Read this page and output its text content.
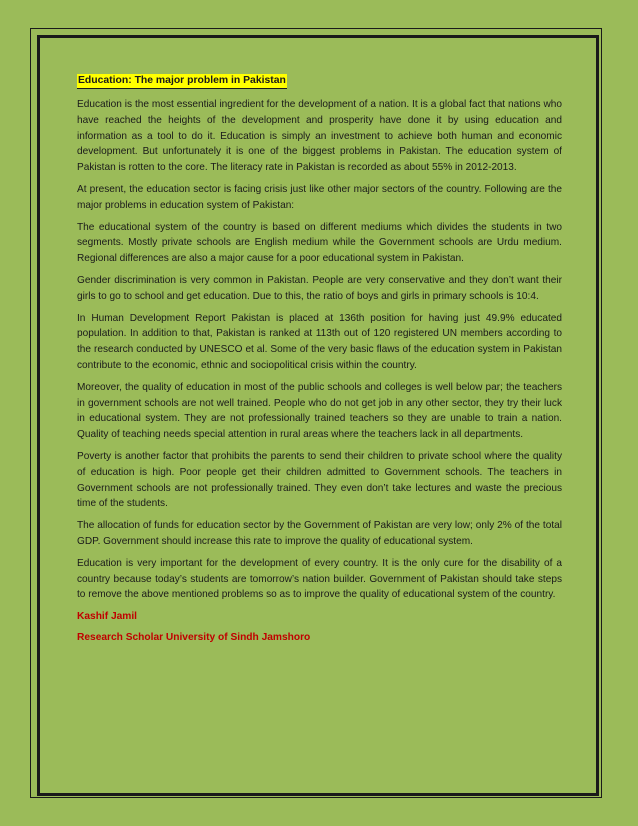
Education: The major problem in Pakistan

Education is the most essential ingredient for the development of a nation. It is a global fact that nations who have reached the heights of the development and prosperity have done it by using education and information as a tool to do it. Education is simply an investment to achieve both human and economic development. But unfortunately it is one of the biggest problems in Pakistan. The education system of Pakistan is rotten to the core. The literacy rate in Pakistan is recorded as about 55% in 2012-2013.

At present, the education sector is facing crisis just like other major sectors of the country. Following are the major problems in education system of Pakistan:

The educational system of the country is based on different mediums which divides the students in two segments. Mostly private schools are English medium while the Government schools are Urdu medium. Regional differences are also a major cause for a poor educational system in Pakistan.

Gender discrimination is very common in Pakistan. People are very conservative and they don’t want their girls to go to school and get education. Due to this, the ratio of boys and girls in primary schools is 10:4.

In Human Development Report Pakistan is placed at 136th position for having just 49.9% educated population. In addition to that, Pakistan is ranked at 113th out of 120 registered UN members according to the research conducted by UNESCO et al. Some of the very basic flaws of the education system in Pakistan contribute to the economic, ethnic and sociopolitical crisis within the country.

Moreover, the quality of education in most of the public schools and colleges is well below par; the teachers in government schools are not well trained. People who do not get job in any other sector, they try their luck in educational system. They are not professionally trained teachers so they are unable to train a nation. Quality of teaching needs special attention in rural areas where the teachers lack in all departments.

Poverty is another factor that prohibits the parents to send their children to private school where the quality of education is high. Poor people get their children admitted to Government schools. The teachers in Government schools are not professionally trained. They even don’t take lectures and waste the precious time of the students.

The allocation of funds for education sector by the Government of Pakistan are very low; only 2% of the total GDP. Government should increase this rate to improve the quality of educational system.

Education is very important for the development of every country. It is the only cure for the disability of a country because today’s students are tomorrow’s nation builder. Government of Pakistan should take steps to remove the above mentioned problems so as to improve the quality of educational system of the country.

Kashif Jamil
Research Scholar University of Sindh Jamshoro
